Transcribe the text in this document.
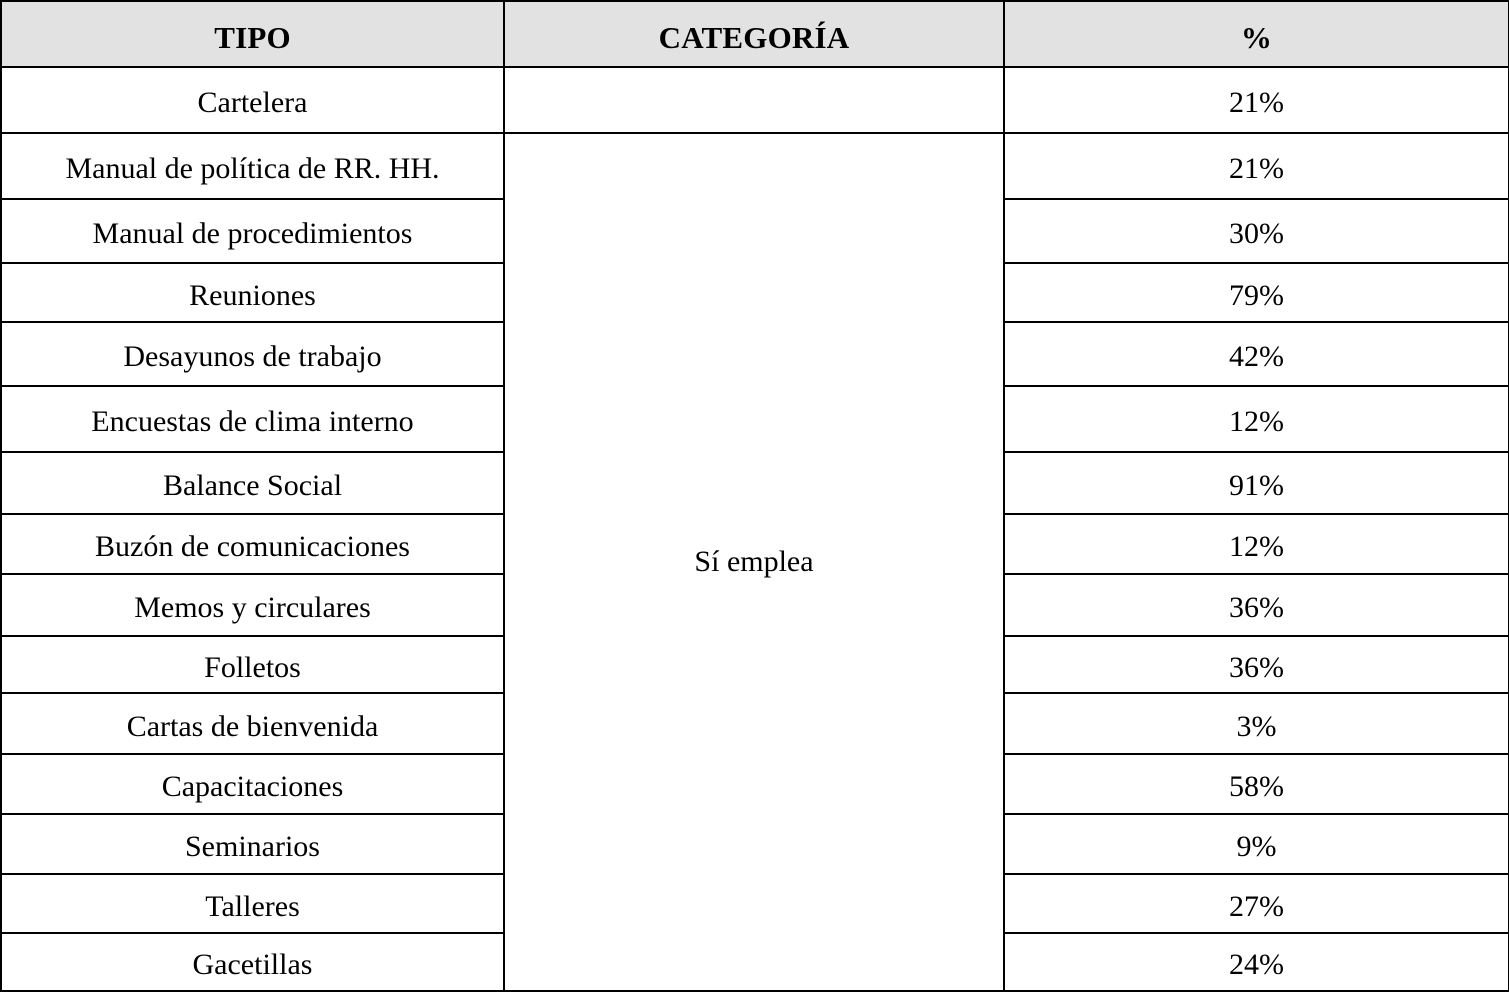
TIPO	CATEGORÍA	%
Cartelera		21%
Manual de política de RR. HH.	Sí emplea	21%
Manual de procedimientos		30%
Reuniones		79%
Desayunos de trabajo		42%
Encuestas de clima interno		12%
Balance Social		91%
Buzón de comunicaciones		12%
Memos y circulares		36%
Folletos		36%
Cartas de bienvenida		3%
Capacitaciones		58%
Seminarios		9%
Talleres		27%
Gacetillas		24%
